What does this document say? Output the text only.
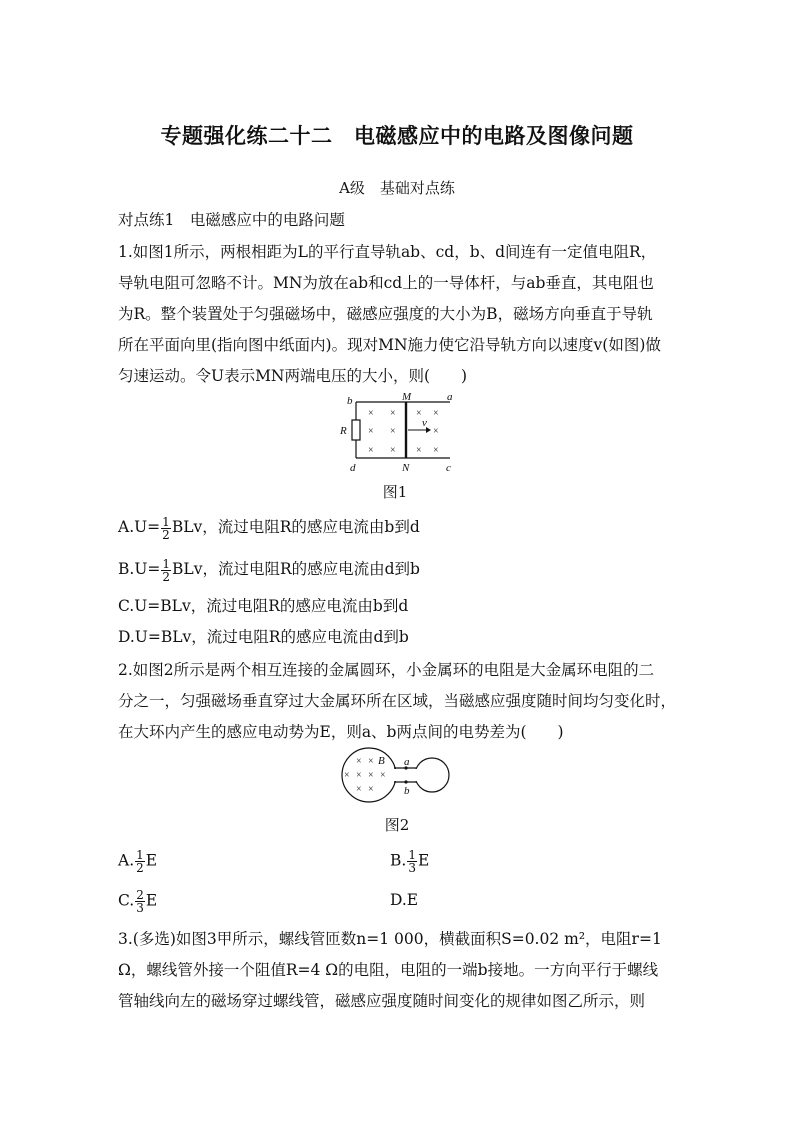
专题强化练二十二　电磁感应中的电路及图像问题
A级　基础对点练
对点练1　电磁感应中的电路问题
1.如图1所示，两根相距为L的平行直导轨ab、cd，b、d间连有一定值电阻R，
导轨电阻可忽略不计。MN为放在ab和cd上的一导体杆，与ab垂直，其电阻也
为R。整个装置处于匀强磁场中，磁感应强度的大小为B，磁场方向垂直于导轨
所在平面向里(指向图中纸面内)。现对MN施力使它沿导轨方向以速度v(如图)做
匀速运动。令U表示MN两端电压的大小，则(　　)
× × × ×
× ×	×
× × × ×
b	M	a
R
v
d	N	c
图1
$A.U= \frac{1}{2}$ BLv，流过电阻R的感应电流由b到d
$B.U= \frac{1}{2}$ BLv，流过电阻R的感应电流由d到b
C.U=BLv，流过电阻R的感应电流由b到d
D.U=BLv，流过电阻R的感应电流由d到b
2.如图2所示是两个相互连接的金属圆环，小金属环的电阻是大金属环电阻的二
分之一，匀强磁场垂直穿过大金属环所在区域，当磁感应强度随时间均匀变化时，
在大环内产生的感应电动势为E，则a、b两点间的电势差为(　　)
× ×
× × × ×
× ×
B a
b
图2
A. $\frac{1}{2}$ E	B. $\frac{1}{3}$ E
C. $\frac{2}{3}$ E	D.E
3.(多选)如图3甲所示，螺线管匝数n=1 000，横截面积S=0.02 m²，电阻r=1
Ω，螺线管外接一个阻值R=4 Ω的电阻，电阻的一端b接地。一方向平行于螺线
管轴线向左的磁场穿过螺线管，磁感应强度随时间变化的规律如图乙所示，则
